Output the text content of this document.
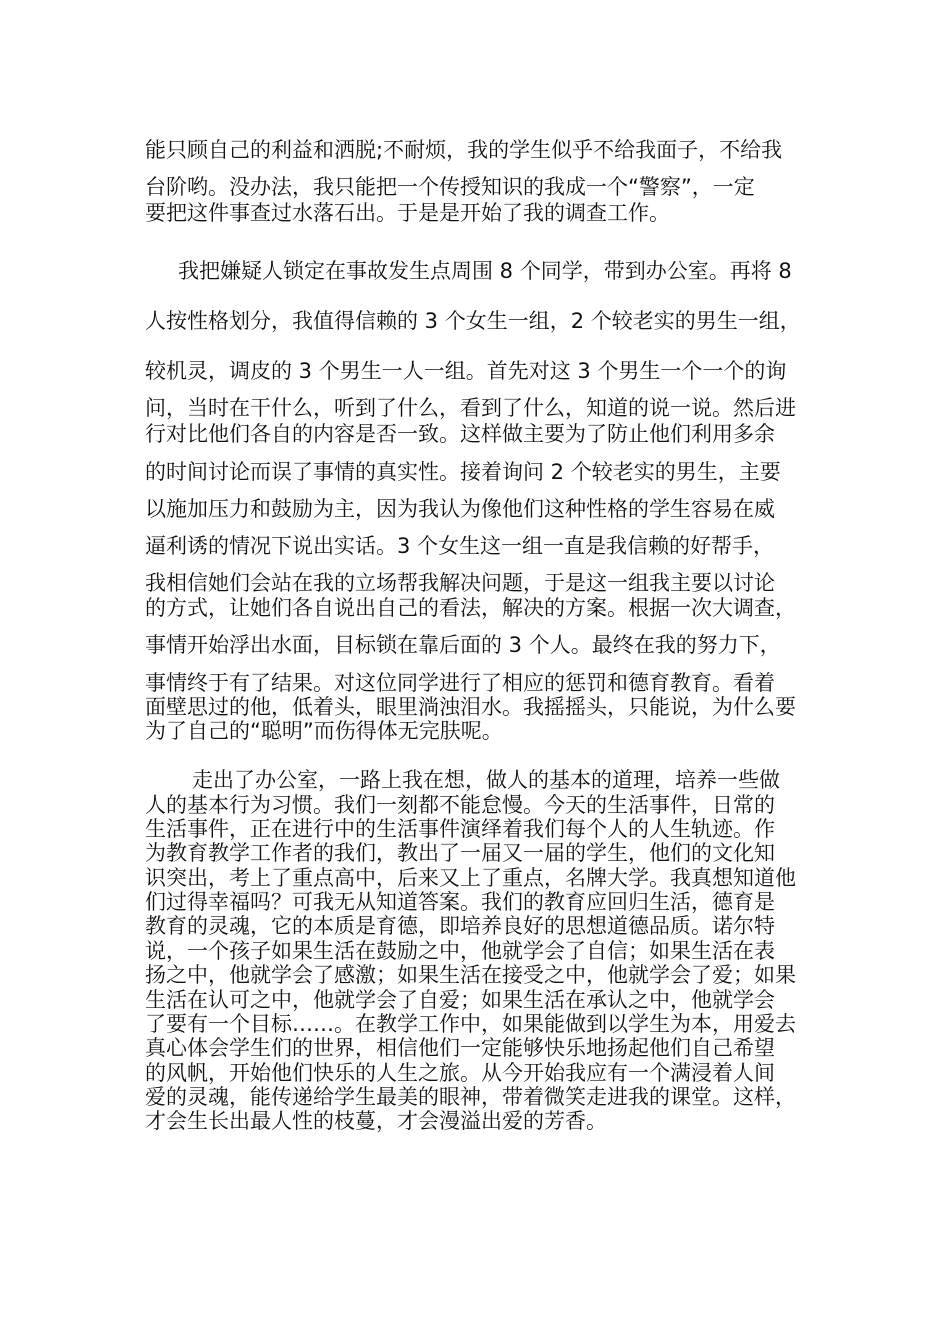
能只顾自己的利益和洒脱;不耐烦，我的学生似乎不给我面子，不给我
台阶哟。没办法，我只能把一个传授知识的我成一个“警察”，一定
要把这件事查过水落石出。于是是开始了我的调查工作。
我把嫌疑人锁定在事故发生点周围 8 个同学，带到办公室。再将 8
人按性格划分，我值得信赖的 3 个女生一组，2 个较老实的男生一组，
较机灵，调皮的 3 个男生一人一组。首先对这 3 个男生一个一个的询
问，当时在干什么，听到了什么，看到了什么，知道的说一说。然后进
行对比他们各自的内容是否一致。这样做主要为了防止他们利用多余
的时间讨论而误了事情的真实性。接着询问 2 个较老实的男生，主要
以施加压力和鼓励为主，因为我认为像他们这种性格的学生容易在威
逼利诱的情况下说出实话。3 个女生这一组一直是我信赖的好帮手，
我相信她们会站在我的立场帮我解决问题，于是这一组我主要以讨论
的方式，让她们各自说出自己的看法，解决的方案。根据一次大调查，
事情开始浮出水面，目标锁在靠后面的 3 个人。最终在我的努力下，
事情终于有了结果。对这位同学进行了相应的惩罚和德育教育。看着
面壁思过的他，低着头，眼里淌浊泪水。我摇摇头，只能说，为什么要
为了自己的“聪明”而伤得体无完肤呢。
走出了办公室，一路上我在想，做人的基本的道理，培养一些做
人的基本行为习惯。我们一刻都不能怠慢。今天的生活事件，日常的
生活事件，正在进行中的生活事件演绎着我们每个人的人生轨迹。作
为教育教学工作者的我们，教出了一届又一届的学生，他们的文化知
识突出，考上了重点高中，后来又上了重点，名牌大学。我真想知道他
们过得幸福吗？可我无从知道答案。我们的教育应回归生活，德育是
教育的灵魂，它的本质是育德，即培养良好的思想道德品质。诺尔特
说，一个孩子如果生活在鼓励之中，他就学会了自信；如果生活在表
扬之中，他就学会了感激；如果生活在接受之中，他就学会了爱；如果
生活在认可之中，他就学会了自爱；如果生活在承认之中，他就学会
了要有一个目标……。在教学工作中，如果能做到以学生为本，用爱去
真心体会学生们的世界，相信他们一定能够快乐地扬起他们自己希望
的风帆，开始他们快乐的人生之旅。从今开始我应有一个满浸着人间
爱的灵魂，能传递给学生最美的眼神，带着微笑走进我的课堂。这样，
才会生长出最人性的枝蔓，才会漫溢出爱的芳香。
